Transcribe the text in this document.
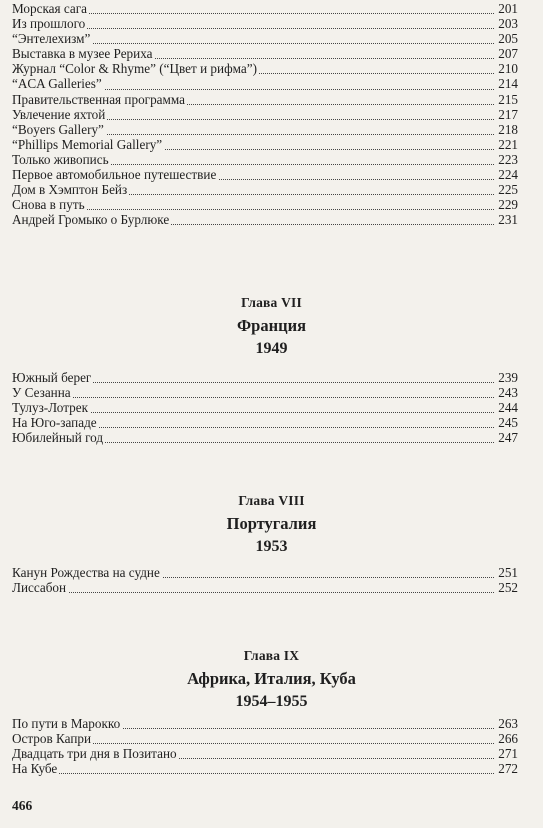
Морская сага	201
Из прошлого	203
“Энтелехизм”	205
Выставка в музее Рериха	207
Журнал “Color & Rhyme” (“Цвет и рифма”)	210
“ACA Galleries”	214
Правительственная программа	215
Увлечение яхтой	217
“Boyers Gallery”	218
“Phillips Memorial Gallery”	221
Только живопись	223
Первое автомобильное путешествие	224
Дом в Хэмптон Бейз	225
Снова в путь	229
Андрей Громыко о Бурлюке	231
Глава VII
Франция
1949
Южный берег	239
У Сезанна	243
Тулуз-Лотрек	244
На Юго-западе	245
Юбилейный год	247
Глава VIII
Португалия
1953
Канун Рождества на судне	251
Лиссабон	252
Глава IX
Африка, Италия, Куба
1954–1955
По пути в Марокко	263
Остров Капри	266
Двадцать три дня в Позитано	271
На Кубе	272
466
